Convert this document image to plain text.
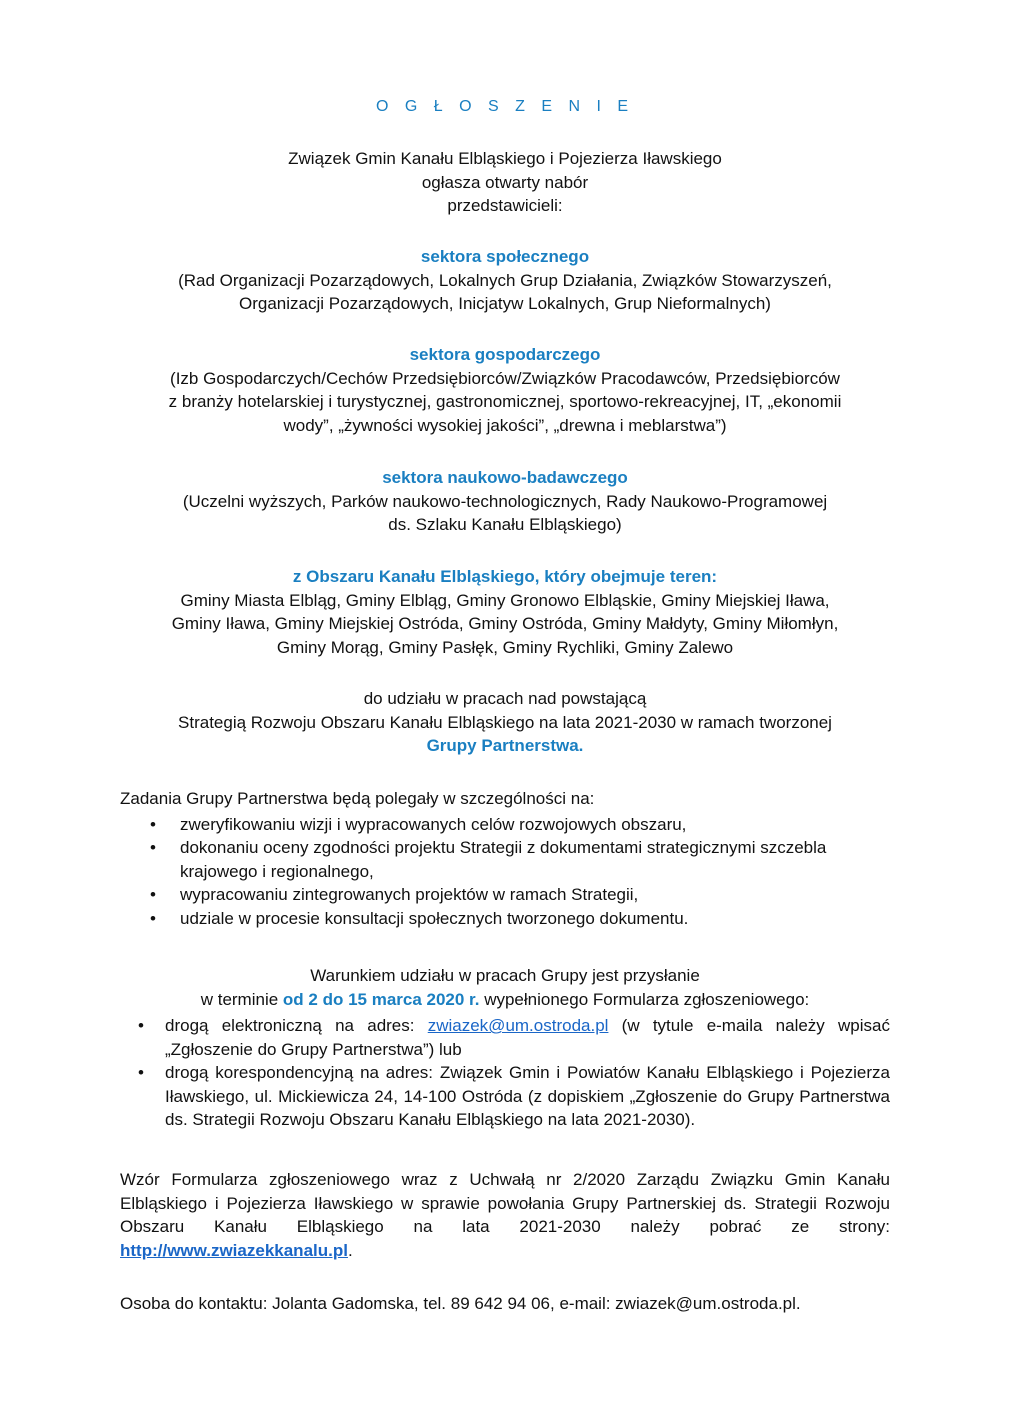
O G Ł O S Z E N I E
Związek Gmin Kanału Elbląskiego i Pojezierza Iławskiego
ogłasza otwarty nabór
przedstawicieli:
sektora społecznego
(Rad Organizacji Pozarządowych, Lokalnych Grup Działania, Związków Stowarzyszeń,
Organizacji Pozarządowych, Inicjatyw Lokalnych, Grup Nieformalnych)
sektora gospodarczego
(Izb Gospodarczych/Cechów Przedsiębiorców/Związków Pracodawców, Przedsiębiorców
z branży hotelarskiej i turystycznej, gastronomicznej, sportowo-rekreacyjnej, IT, „ekonomii
wody”, „żywności wysokiej jakości”, „drewna i meblarstwa”)
sektora naukowo-badawczego
(Uczelni wyższych, Parków naukowo-technologicznych, Rady Naukowo-Programowej
ds. Szlaku Kanału Elbląskiego)
z Obszaru Kanału Elbląskiego, który obejmuje teren:
Gminy Miasta Elbląg, Gminy Elbląg, Gminy Gronowo Elbląskie, Gminy Miejskiej Iława,
Gminy Iława, Gminy Miejskiej Ostróda, Gminy Ostróda, Gminy Małdyty, Gminy Miłomłyn,
Gminy Morąg, Gminy Pasłęk, Gminy Rychliki, Gminy Zalewo
do udziału w pracach nad powstającą
Strategią Rozwoju Obszaru Kanału Elbląskiego na lata 2021-2030 w ramach tworzonej
Grupy Partnerstwa.
Zadania Grupy Partnerstwa będą polegały w szczególności na:
• zweryfikowaniu wizji i wypracowanych celów rozwojowych obszaru,
• dokonaniu oceny zgodności projektu Strategii z dokumentami strategicznymi szczebla krajowego i regionalnego,
• wypracowaniu zintegrowanych projektów w ramach Strategii,
• udziale w procesie konsultacji społecznych tworzonego dokumentu.
Warunkiem udziału w pracach Grupy jest przysłanie
w terminie od 2 do 15 marca 2020 r. wypełnionego Formularza zgłoszeniowego:
• drogą elektroniczną na adres: zwiazek@um.ostroda.pl (w tytule e-maila należy wpisać „Zgłoszenie do Grupy Partnerstwa”) lub
• drogą korespondencyjną na adres: Związek Gmin i Powiatów Kanału Elbląskiego i Pojezierza Iławskiego, ul. Mickiewicza 24, 14-100 Ostróda (z dopiskiem „Zgłoszenie do Grupy Partnerstwa ds. Strategii Rozwoju Obszaru Kanału Elbląskiego na lata 2021-2030).
Wzór Formularza zgłoszeniowego wraz z Uchwałą nr 2/2020 Zarządu Związku Gmin Kanału Elbląskiego i Pojezierza Iławskiego w sprawie powołania Grupy Partnerskiej ds. Strategii Rozwoju Obszaru Kanału Elbląskiego na lata 2021-2030 należy pobrać ze strony: http://www.zwiazekkanalu.pl.
Osoba do kontaktu: Jolanta Gadomska, tel. 89 642 94 06, e-mail: zwiazek@um.ostroda.pl.
